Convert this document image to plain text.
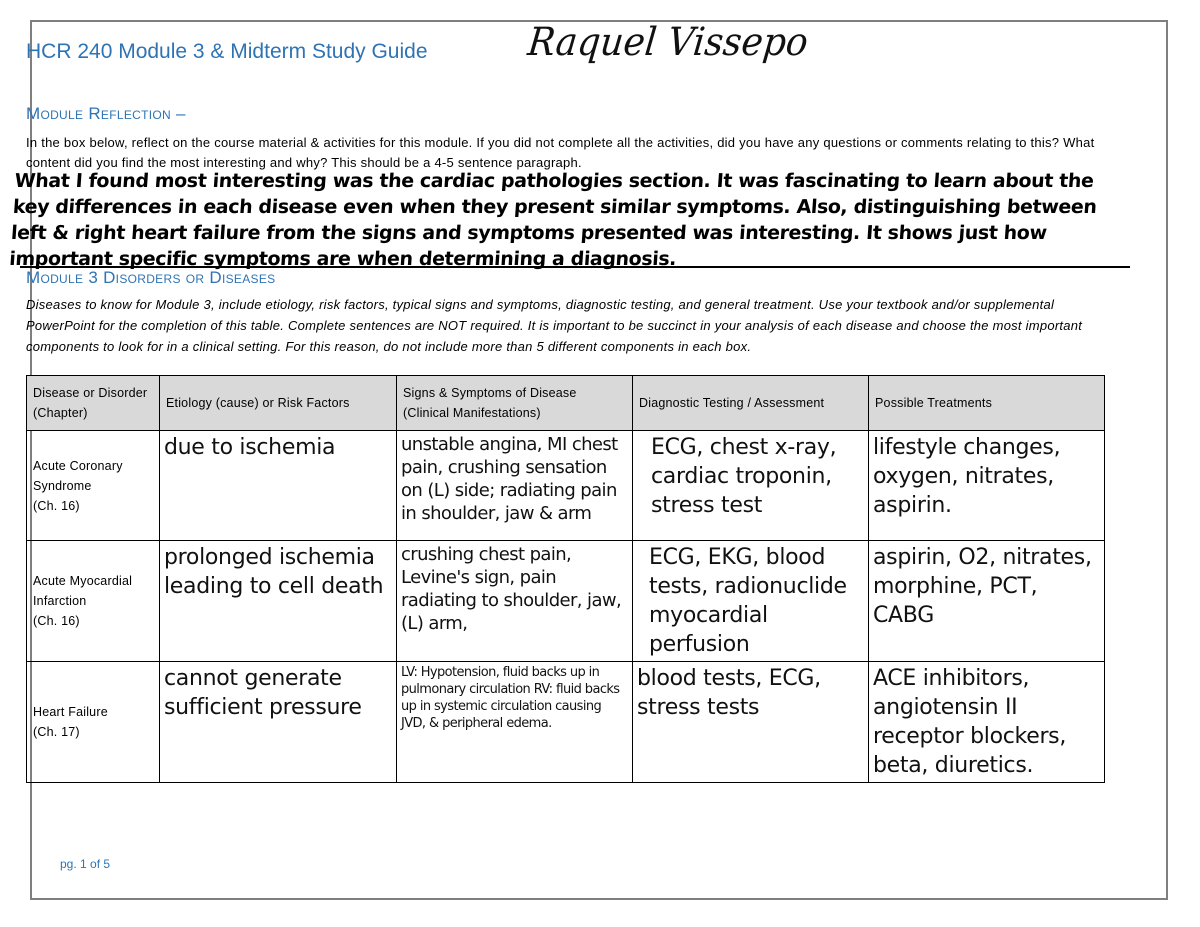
HCR 240 Module 3 & Midterm Study Guide	Raquel Vissepo
Module Reflection –
In the box below, reflect on the course material & activities for this module. If you did not complete all the activities, did you have any questions or comments relating to this? What content did you find the most interesting and why? This should be a 4-5 sentence paragraph.
What I found most interesting was the cardiac pathologies section. It was fascinating to learn about the key differences in each disease even when they present similar symptoms. Also, distinguishing between left & right heart failure from the signs and symptoms presented was interesting. It shows just how important specific symptoms are when determining a diagnosis.
Module 3 Disorders or Diseases
Diseases to know for Module 3, include etiology, risk factors, typical signs and symptoms, diagnostic testing, and general treatment. Use your textbook and/or supplemental PowerPoint for the completion of this table. Complete sentences are NOT required. It is important to be succinct in your analysis of each disease and choose the most important components to look for in a clinical setting. For this reason, do not include more than 5 different components in each box.
Disease or Disorder (Chapter)	Etiology (cause) or Risk Factors	Signs & Symptoms of Disease (Clinical Manifestations)	Diagnostic Testing / Assessment	Possible Treatments

Acute Coronary Syndrome
(Ch. 16)	due to ischemia	unstable angina, MI chest pain, crushing sensation on (L) side; radiating pain in shoulder, jaw & arm	ECG, chest x-ray, cardiac troponin, stress test	lifestyle changes, oxygen, nitrates, aspirin.

Acute Myocardial Infarction
(Ch. 16)	prolonged ischemia leading to cell death	crushing chest pain, Levine's sign, pain radiating to shoulder, jaw, (L) arm,	ECG, EKG, blood tests, radionuclide myocardial perfusion	aspirin, O2, nitrates, morphine, PCT, CABG

Heart Failure
(Ch. 17)	cannot generate sufficient pressure	LV: Hypotension, fluid backs up in pulmonary circulation RV: fluid backs up in systemic circulation causing JVD, & peripheral edema.	blood tests, ECG, stress tests	ACE inhibitors, angiotensin II receptor blockers, beta, diuretics.
pg. 1 of 5
